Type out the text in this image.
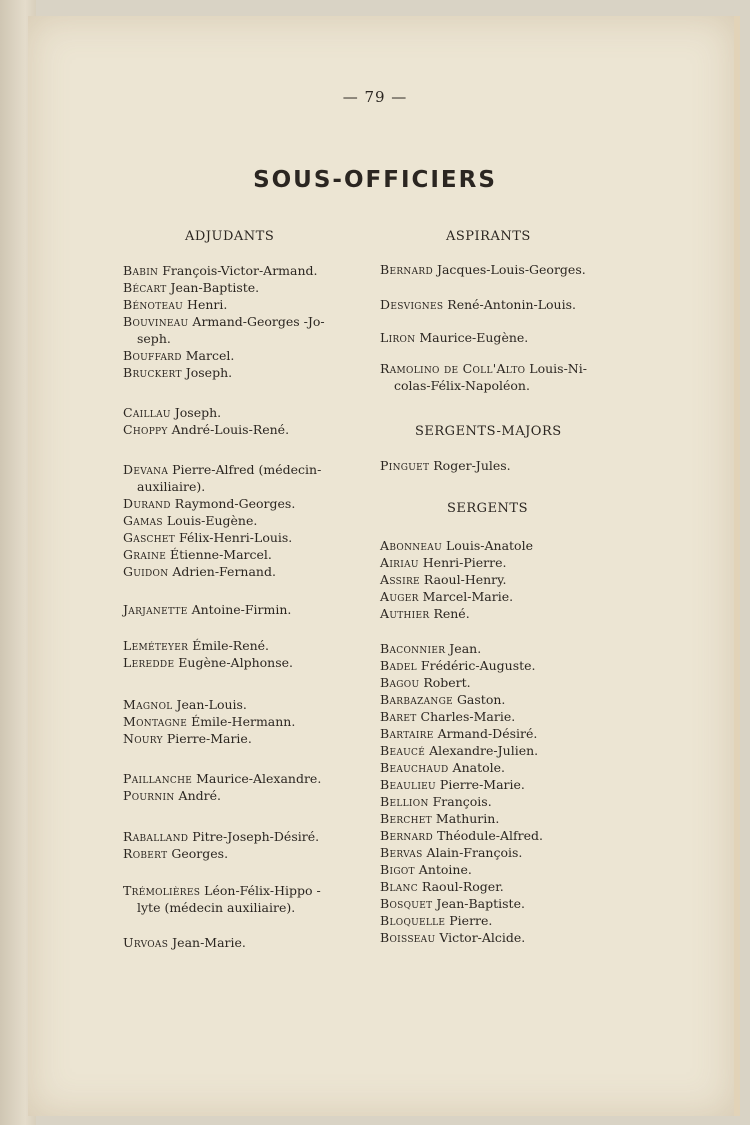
— 79 —
SOUS-OFFICIERS
ADJUDANTS	ASPIRANTS
SERGENTS-MAJORS
SERGENTS
Babin François-Victor-Armand.
Bécart Jean-Baptiste.
Bénoteau Henri.
Bouvineau Armand-Georges -Jo-
seph.
Bouffard Marcel.
Bruckert Joseph.
Caillau Joseph.
Choppy André-Louis-René.
Devana Pierre-Alfred (médecin-
auxiliaire).
Durand Raymond-Georges.
Gamas Louis-Eugène.
Gaschet Félix-Henri-Louis.
Graine Étienne-Marcel.
Guidon Adrien-Fernand.
Jarjanette Antoine-Firmin.
Leméteyer Émile-René.
Leredde Eugène-Alphonse.
Magnol Jean-Louis.
Montagne Émile-Hermann.
Noury Pierre-Marie.
Paillanche Maurice-Alexandre.
Pournin André.
Raballand Pitre-Joseph-Désiré.
Robert Georges.
Trémolières Léon-Félix-Hippo -
lyte (médecin auxiliaire).
Urvoas Jean-Marie.
Bernard Jacques-Louis-Georges.
Desvignes René-Antonin-Louis.
Liron Maurice-Eugène.
Ramolino de Coll'Alto Louis-Ni-
colas-Félix-Napoléon.
Pinguet Roger-Jules.
Abonneau Louis-Anatole
Airiau Henri-Pierre.
Assire Raoul-Henry.
Auger Marcel-Marie.
Authier René.
Baconnier Jean.
Badel Frédéric-Auguste.
Bagou Robert.
Barbazange Gaston.
Baret Charles-Marie.
Bartaire Armand-Désiré.
Beaucé Alexandre-Julien.
Beauchaud Anatole.
Beaulieu Pierre-Marie.
Bellion François.
Berchet Mathurin.
Bernard Théodule-Alfred.
Bervas Alain-François.
Bigot Antoine.
Blanc Raoul-Roger.
Bosquet Jean-Baptiste.
Bloquelle Pierre.
Boisseau Victor-Alcide.
